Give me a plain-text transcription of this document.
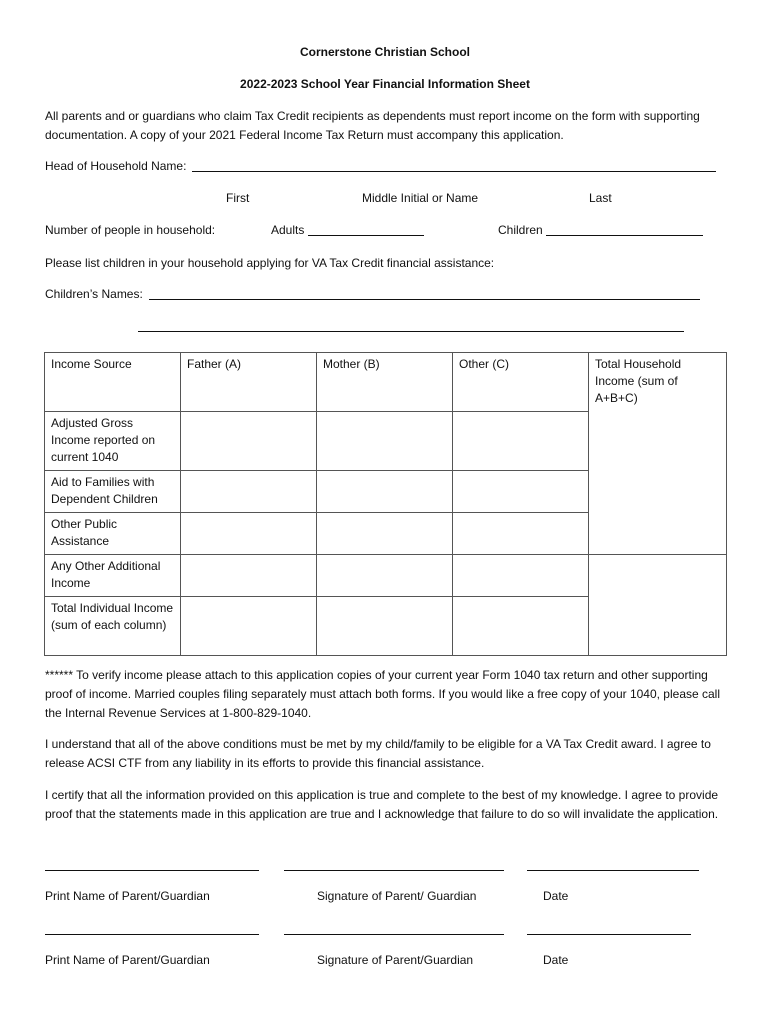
Cornerstone Christian School
2022-2023 School Year Financial Information Sheet
All parents and or guardians who claim Tax Credit recipients as dependents must report income on the form with supporting documentation. A copy of your 2021 Federal Income Tax Return must accompany this application.
Head of Household Name:
First	Middle Initial or Name	Last
Number of people in household:	Adults	Children
Please list children in your household applying for VA Tax Credit financial assistance:
Children’s Names:
Income Source	Father (A)	Mother (B)	Other (C)	Total Household Income (sum of A+B+C)
Adjusted Gross Income reported on current 1040				
Aid to Families with Dependent Children				
Other Public Assistance				
Any Other Additional Income				
Total Individual Income (sum of each column)				
****** To verify income please attach to this application copies of your current year Form 1040 tax return and other supporting proof of income. Married couples filing separately must attach both forms. If you would like a free copy of your 1040, please call the Internal Revenue Services at 1-800-829-1040.
I understand that all of the above conditions must be met by my child/family to be eligible for a VA Tax Credit award. I agree to release ACSI CTF from any liability in its efforts to provide this financial assistance.
I certify that all the information provided on this application is true and complete to the best of my knowledge. I agree to provide proof that the statements made in this application are true and I acknowledge that failure to do so will invalidate the application.
Print Name of Parent/Guardian	Signature of Parent/ Guardian	Date
Print Name of Parent/Guardian	Signature of Parent/Guardian	Date
